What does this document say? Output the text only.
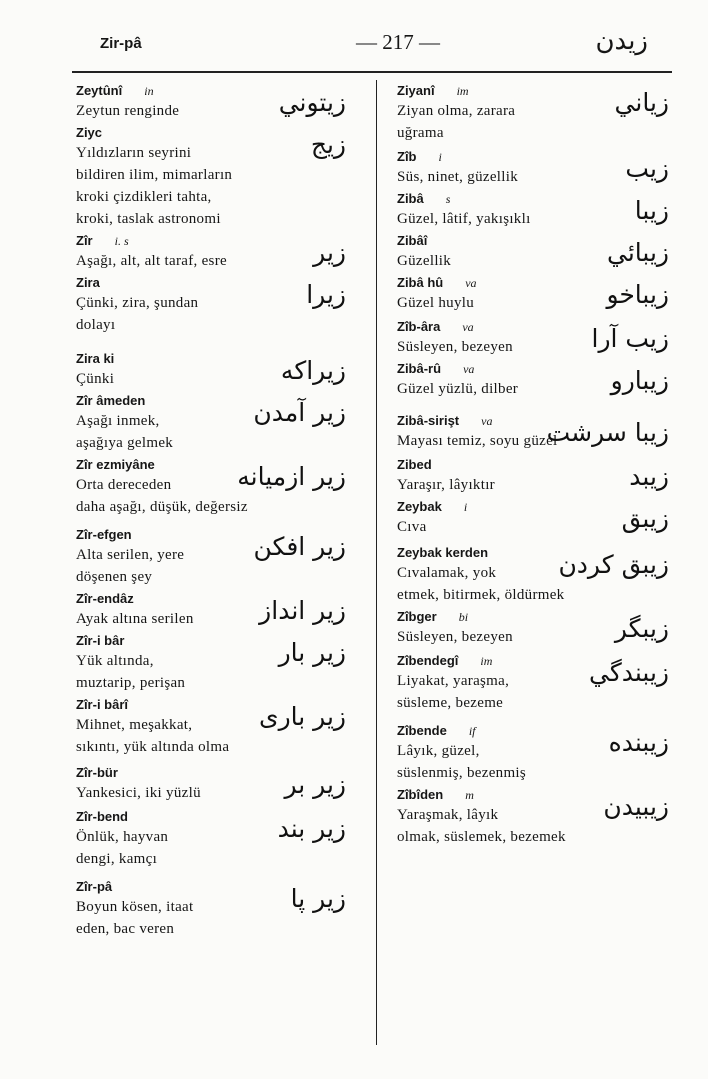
Zir-pâ	— 217 —	زيدن
Zeytûnî in
Zeytun renginde	زيتوني
Ziyc
Yıldızların seyrini
bildiren ilim, mimarların
kroki çizdikleri tahta,
kroki, taslak astronomi
زيج
Zîr i. s
Aşağı, alt, alt taraf, esre	زير
Zira
Çünki, zira, şundan
dolayı
زيرا
Zira ki
Çünki	زيراكه
Zîr âmeden
Aşağı inmek,
aşağıya gelmek
زير آمدن
Zîr ezmiyâne
Orta dereceden
daha aşağı, düşük, değersiz
زير ازميانه
Zîr-efgen
Alta serilen, yere
döşenen şey
زير افكن
Zîr-endâz
Ayak altına serilen	زير انداز
Zîr-i bâr
Yük altında,
muztarip, perişan
زير بار
Zîr-i bârî
Mihnet, meşakkat,
sıkıntı, yük altında olma
زير بارى
Zîr-bür
Yankesici, iki yüzlü	زير بر
Zîr-bend
Önlük, hayvan
dengi, kamçı
زير بند
Zîr-pâ
Boyun kösen, itaat
eden, bac veren
زير پا
Ziyanî im
Ziyan olma, zarara
uğrama
زياني
Zîb i
Süs, ninet, güzellik	زيب
Zibâ s
Güzel, lâtif, yakışıklı	زيبا
Zibâî
Güzellik	زيبائي
Zibâ hû va
Güzel huylu	زيباخو
Zîb-âra va
Süsleyen, bezeyen	زيب آرا
Zibâ-rû va
Güzel yüzlü, dilber	زيبارو
Zibâ-sirişt va
Mayası temiz, soyu güzel
زيبا سرشت
Zibed
Yaraşır, lâyıktır	زيبد
Zeybak i
Cıva	زيبق
Zeybak kerden
Cıvalamak, yok
etmek, bitirmek, öldürmek
زيبق كردن
Zîbger bi
Süsleyen, bezeyen	زيبگر
Zîbendegî im
Liyakat, yaraşma,
süsleme, bezeme
زيبندگي
Zîbende if
Lâyık, güzel,
süslenmiş, bezenmiş
زيبنده
Zîbîden m
Yaraşmak, lâyık
olmak, süslemek, bezemek
زيبيدن
